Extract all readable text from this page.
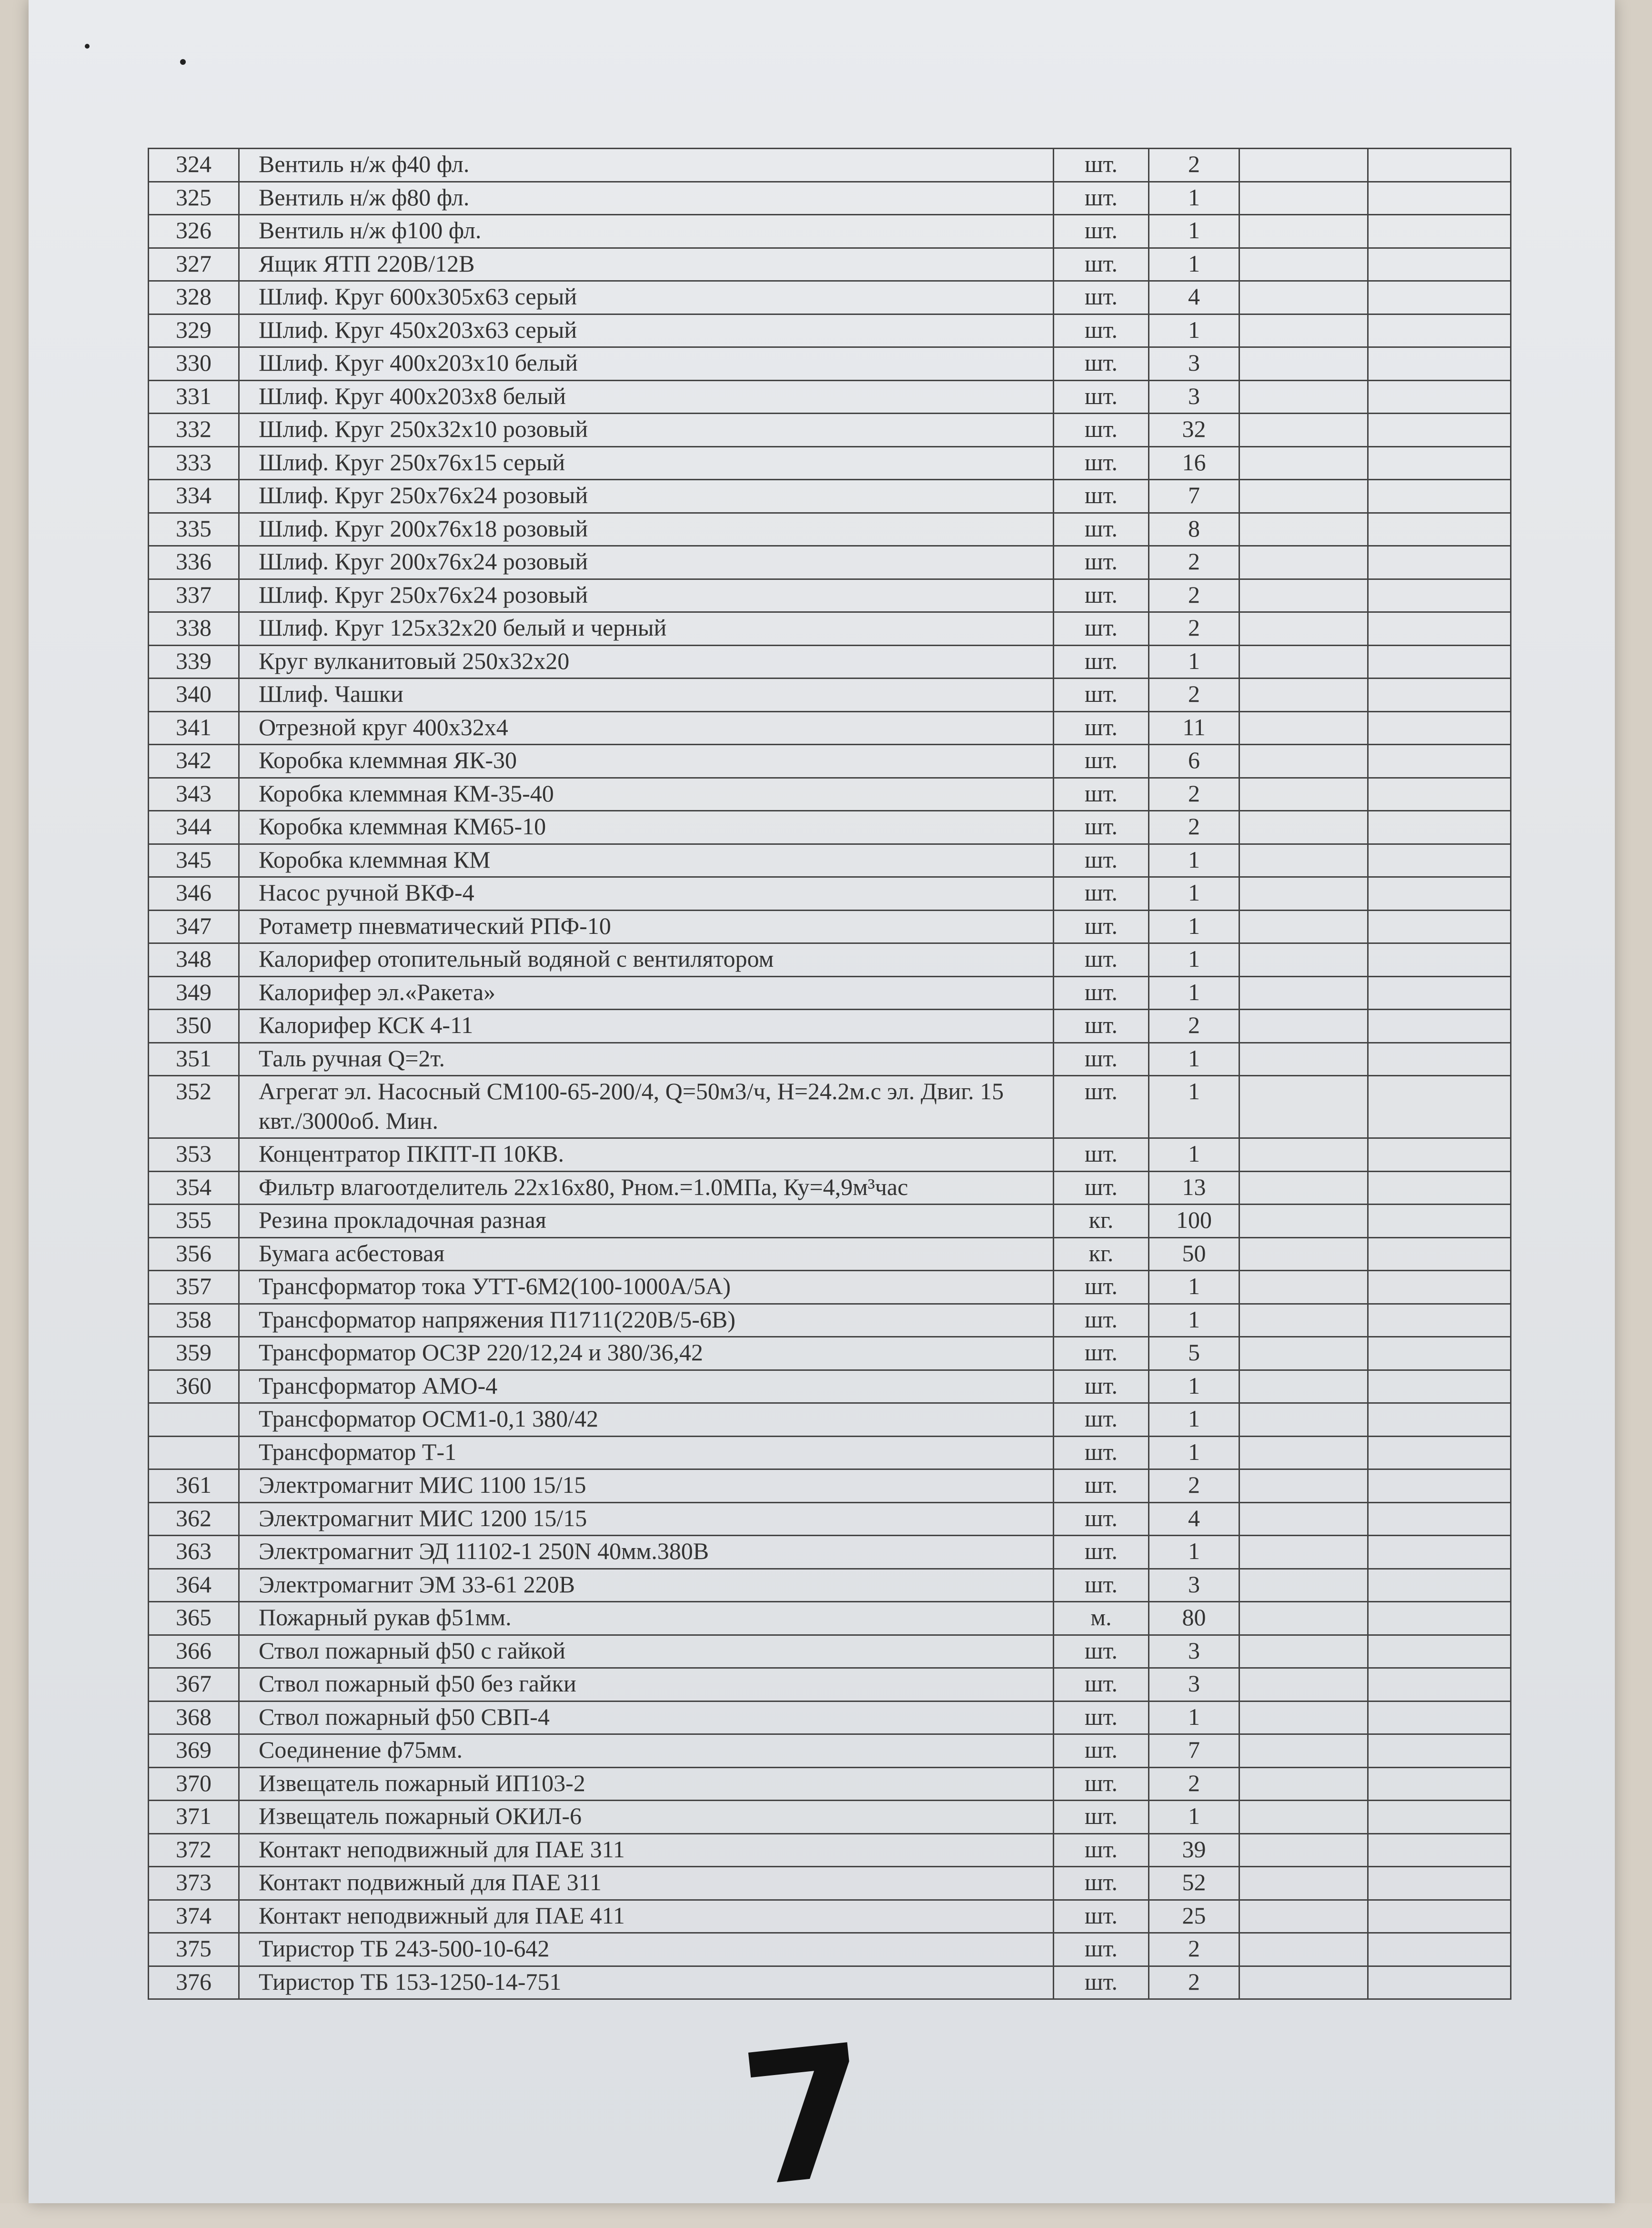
324	Вентиль н/ж ф40 фл.	шт.	2		
325	Вентиль н/ж ф80 фл.	шт.	1		
326	Вентиль н/ж ф100 фл.	шт.	1		
327	Ящик ЯТП 220В/12В	шт.	1		
328	Шлиф. Круг 600х305х63 серый	шт.	4		
329	Шлиф. Круг 450х203х63 серый	шт.	1		
330	Шлиф. Круг 400х203х10 белый	шт.	3		
331	Шлиф. Круг 400х203х8 белый	шт.	3		
332	Шлиф. Круг 250х32х10 розовый	шт.	32		
333	Шлиф. Круг 250х76х15 серый	шт.	16		
334	Шлиф. Круг 250х76х24 розовый	шт.	7		
335	Шлиф. Круг 200х76х18 розовый	шт.	8		
336	Шлиф. Круг 200х76х24 розовый	шт.	2		
337	Шлиф. Круг 250х76х24 розовый	шт.	2		
338	Шлиф. Круг 125х32х20 белый и черный	шт.	2		
339	Круг вулканитовый 250х32х20	шт.	1		
340	Шлиф. Чашки	шт.	2		
341	Отрезной круг 400х32х4	шт.	11		
342	Коробка клеммная ЯК-30	шт.	6		
343	Коробка клеммная КМ-35-40	шт.	2		
344	Коробка клеммная КМ65-10	шт.	2		
345	Коробка клеммная КМ	шт.	1		
346	Насос ручной ВКФ-4	шт.	1		
347	Ротаметр пневматический РПФ-10	шт.	1		
348	Калорифер отопительный водяной с вентилятором	шт.	1		
349	Калорифер эл.«Ракета»	шт.	1		
350	Калорифер КСК 4-11	шт.	2		
351	Таль ручная Q=2т.	шт.	1		
352	Агрегат эл. Насосный СМ100-65-200/4, Q=50м3/ч, Н=24.2м.с эл. Двиг. 15 квт./3000об. Мин.	шт.	1		
353	Концентратор ПКПТ-П 10КВ.	шт.	1		
354	Фильтр влагоотделитель 22х16х80, Рном.=1.0МПа, Ку=4,9м³час	шт.	13		
355	Резина прокладочная разная	кг.	100		
356	Бумага асбестовая	кг.	50		
357	Трансформатор тока УТТ-6М2(100-1000А/5А)	шт.	1		
358	Трансформатор напряжения П1711(220В/5-6В)	шт.	1		
359	Трансформатор ОСЗР 220/12,24 и 380/36,42	шт.	5		
360	Трансформатор АМО-4	шт.	1		
	Трансформатор ОСМ1-0,1 380/42	шт.	1		
	Трансформатор Т-1	шт.	1		
361	Электромагнит МИС 1100 15/15	шт.	2		
362	Электромагнит МИС 1200 15/15	шт.	4		
363	Электромагнит ЭД 11102-1 250N 40мм.380В	шт.	1		
364	Электромагнит ЭМ 33-61 220В	шт.	3		
365	Пожарный рукав ф51мм.	м.	80		
366	Ствол пожарный ф50 с гайкой	шт.	3		
367	Ствол пожарный ф50 без гайки	шт.	3		
368	Ствол пожарный ф50 СВП-4	шт.	1		
369	Соединение ф75мм.	шт.	7		
370	Извещатель пожарный ИП103-2	шт.	2		
371	Извещатель пожарный ОКИЛ-6	шт.	1		
372	Контакт неподвижный для ПАЕ 311	шт.	39		
373	Контакт подвижный для ПАЕ 311	шт.	52		
374	Контакт неподвижный для ПАЕ 411	шт.	25		
375	Тиристор ТБ 243-500-10-642	шт.	2		
376	Тиристор ТБ 153-1250-14-751	шт.	2		
7
